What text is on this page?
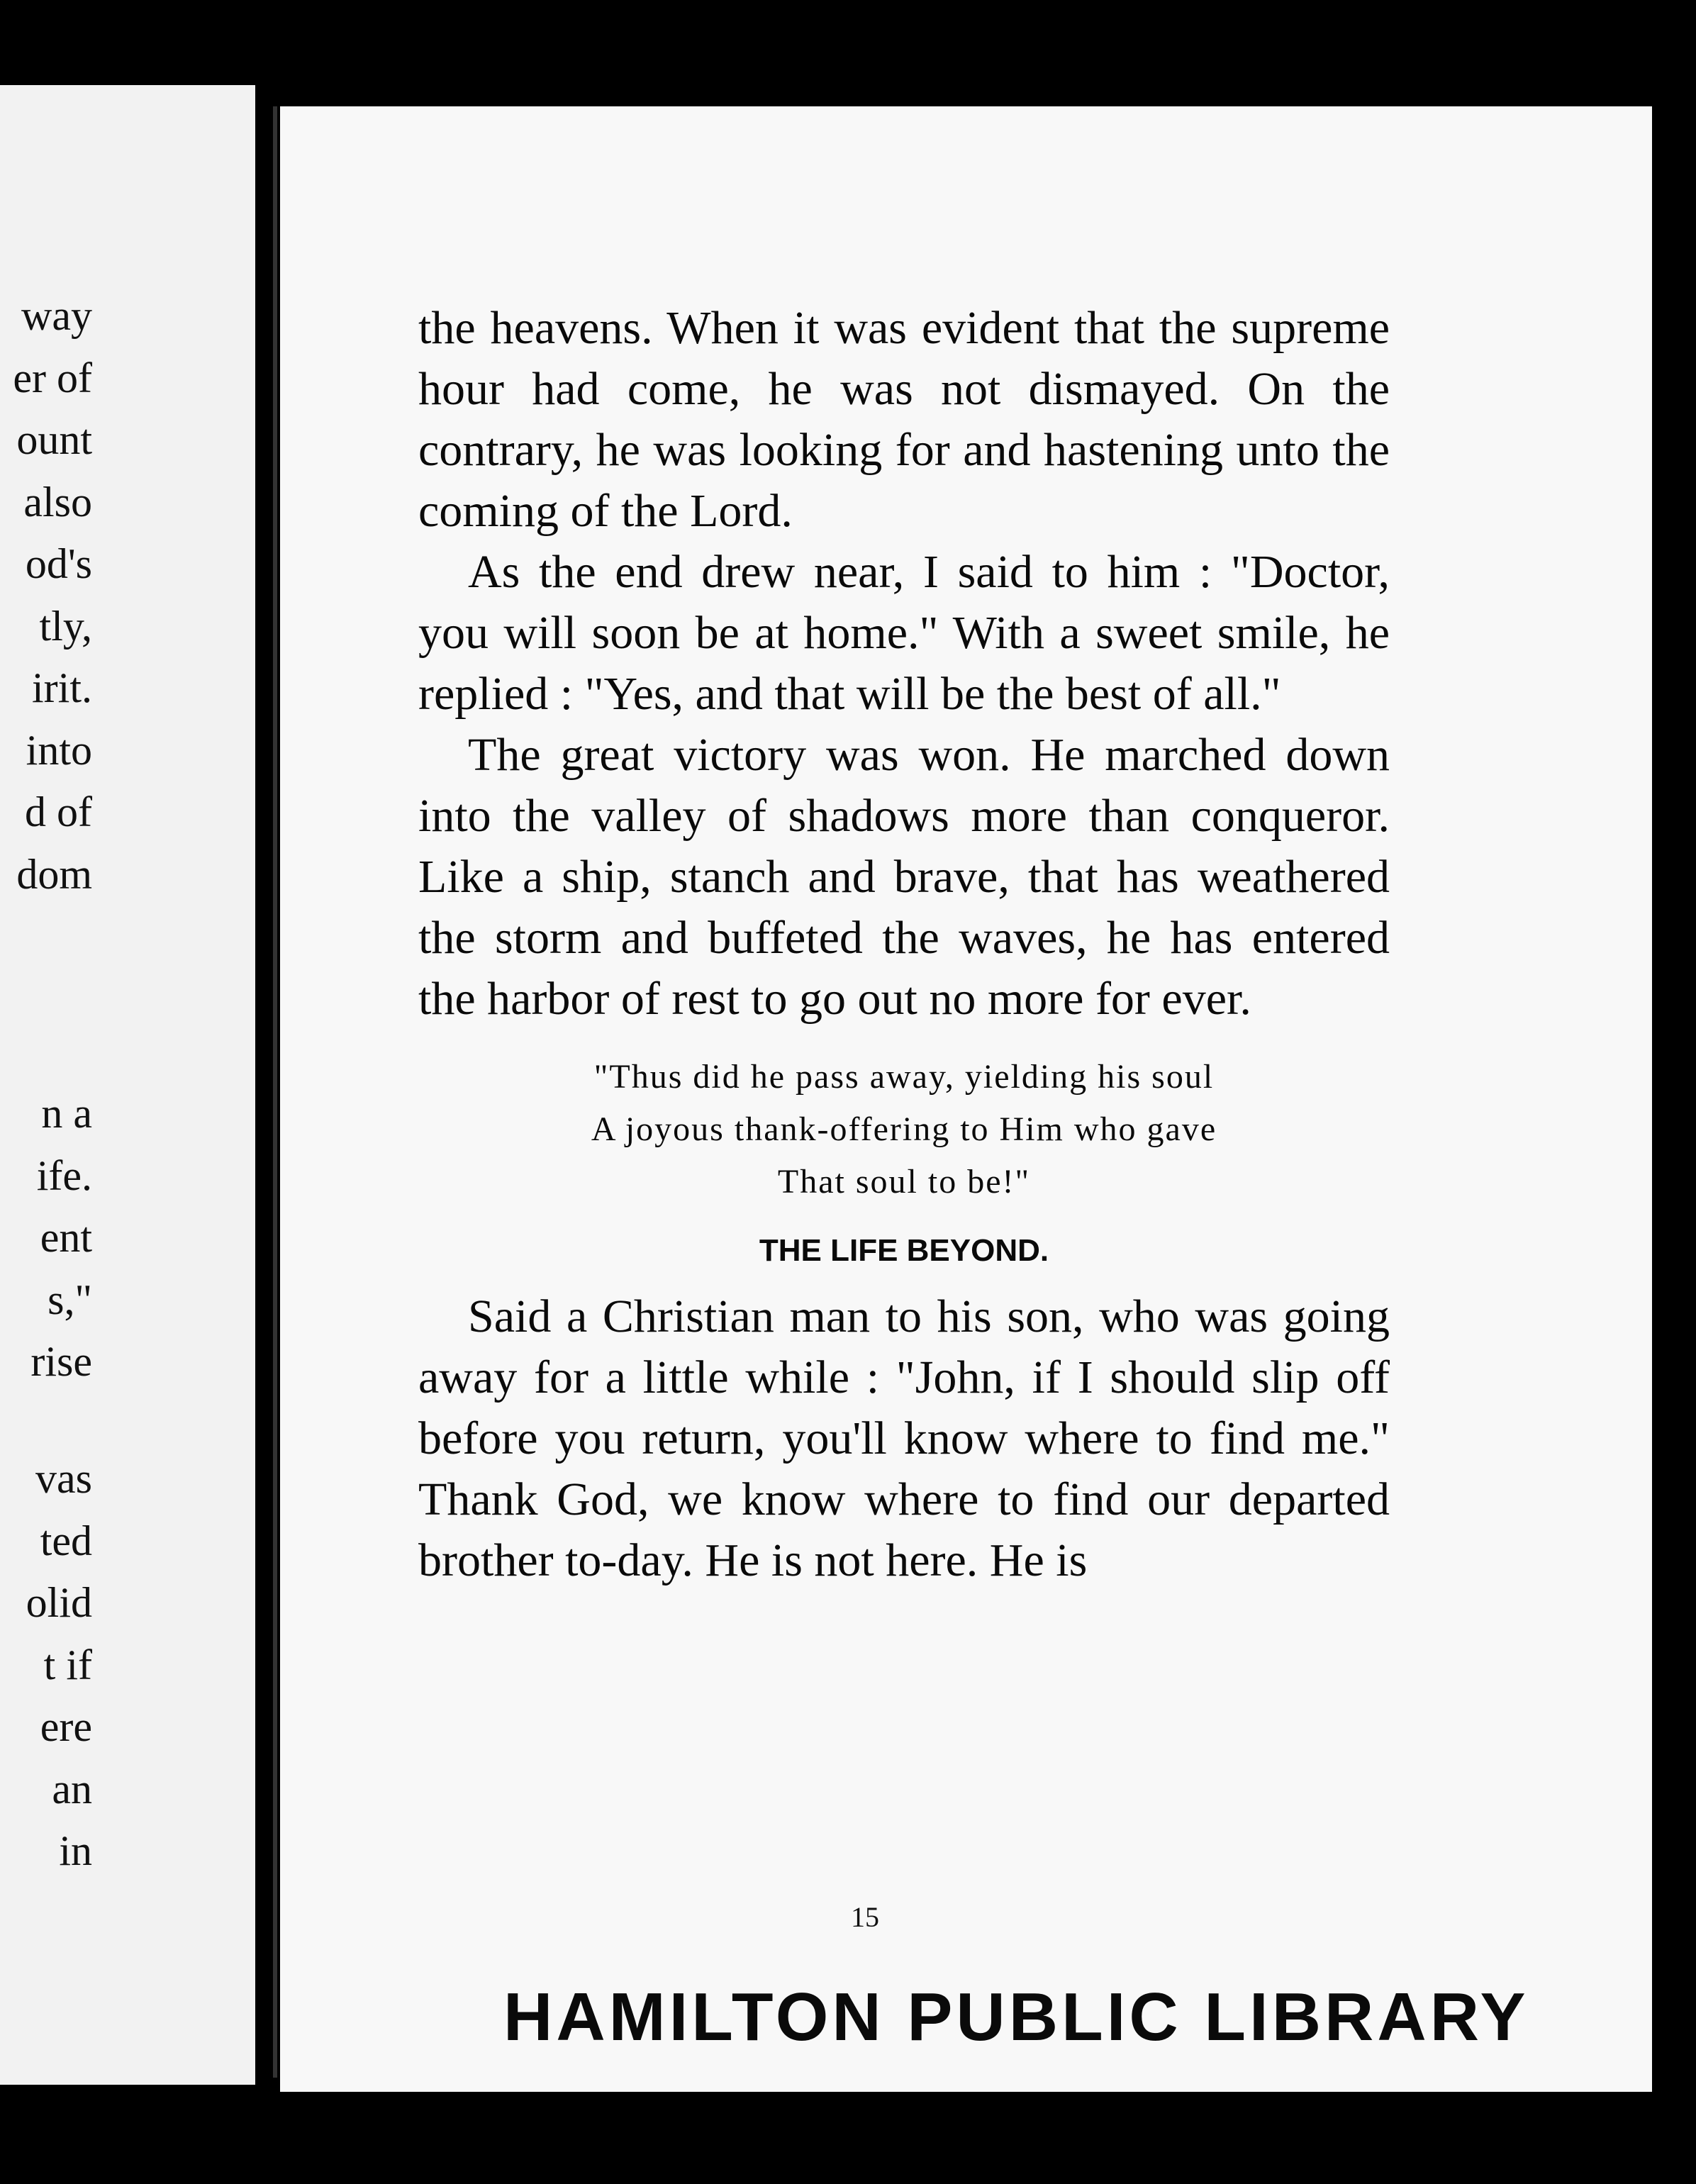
way
er of
ount
also
od's
tly,
irit.
into
d of
dom
n a
ife.
ent
s,"
rise
vas
ted
olid
t if
ere
an
in

the heavens. When it was evident that the supreme hour had come, he was not dismayed. On the contrary, he was looking for and hastening unto the coming of the Lord.

As the end drew near, I said to him : "Doctor, you will soon be at home." With a sweet smile, he replied : "Yes, and that will be the best of all."

The great victory was won. He marched down into the valley of shadows more than conqueror. Like a ship, stanch and brave, that has weathered the storm and buffeted the waves, he has entered the harbor of rest to go out no more for ever.

"Thus did he pass away, yielding his soul
A joyous thank-offering to Him who gave
That soul to be!"
THE LIFE BEYOND.

Said a Christian man to his son, who was going away for a little while : "John, if I should slip off before you return, you'll know where to find me." Thank God, we know where to find our departed brother to-day. He is not here. He is

15
HAMILTON PUBLIC LIBRARY
